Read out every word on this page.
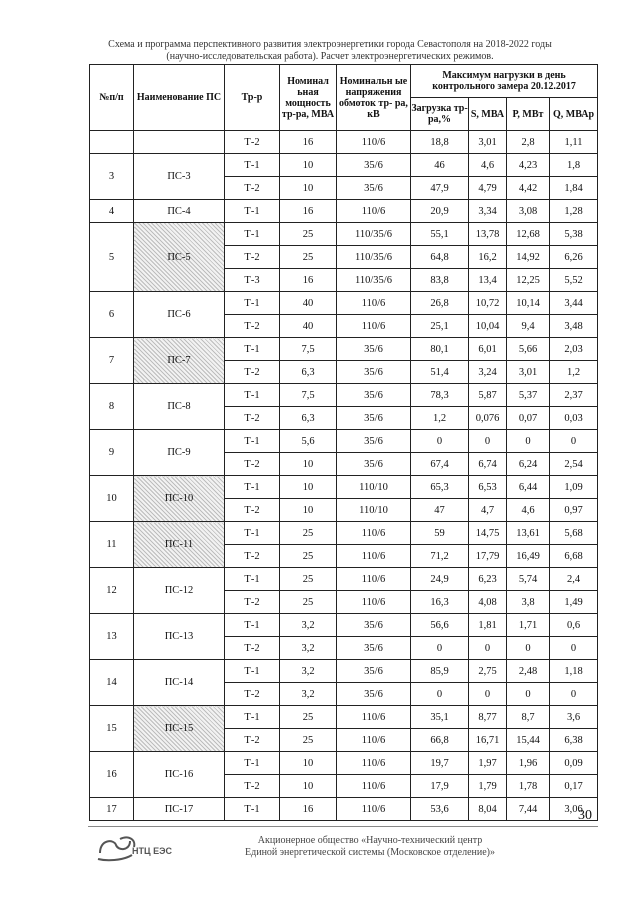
Схема и программа перспективного развития электроэнергетики города Севастополя на 2018-2022 годы
(научно-исследовательская работа). Расчет электроэнергетических режимов.
№п/п	Наименование ПС	Тр-р	Номинал ьная мощность тр-ра, МВА	Номинальн ые напряжения обмоток тр- ра, кВ	Максимум нагрузки в день контрольного замера 20.12.2017			
					Загрузка тр-ра,%	S, МВА	Р, МВт	Q, МВАр
		Т-2	16	110/6	18,8	3,01	2,8	1,11
3	ПС-3	Т-1	10	35/6	46	4,6	4,23	1,8
		Т-2	10	35/6	47,9	4,79	4,42	1,84
4	ПС-4	Т-1	16	110/6	20,9	3,34	3,08	1,28
5	ПС-5	Т-1	25	110/35/6	55,1	13,78	12,68	5,38
		Т-2	25	110/35/6	64,8	16,2	14,92	6,26
		Т-3	16	110/35/6	83,8	13,4	12,25	5,52
6	ПС-6	Т-1	40	110/6	26,8	10,72	10,14	3,44
		Т-2	40	110/6	25,1	10,04	9,4	3,48
7	ПС-7	Т-1	7,5	35/6	80,1	6,01	5,66	2,03
		Т-2	6,3	35/6	51,4	3,24	3,01	1,2
8	ПС-8	Т-1	7,5	35/6	78,3	5,87	5,37	2,37
		Т-2	6,3	35/6	1,2	0,076	0,07	0,03
9	ПС-9	Т-1	5,6	35/6	0	0	0	0
		Т-2	10	35/6	67,4	6,74	6,24	2,54
10	ПС-10	Т-1	10	110/10	65,3	6,53	6,44	1,09
		Т-2	10	110/10	47	4,7	4,6	0,97
11	ПС-11	Т-1	25	110/6	59	14,75	13,61	5,68
		Т-2	25	110/6	71,2	17,79	16,49	6,68
12	ПС-12	Т-1	25	110/6	24,9	6,23	5,74	2,4
		Т-2	25	110/6	16,3	4,08	3,8	1,49
13	ПС-13	Т-1	3,2	35/6	56,6	1,81	1,71	0,6
		Т-2	3,2	35/6	0	0	0	0
14	ПС-14	Т-1	3,2	35/6	85,9	2,75	2,48	1,18
		Т-2	3,2	35/6	0	0	0	0
15	ПС-15	Т-1	25	110/6	35,1	8,77	8,7	3,6
		Т-2	25	110/6	66,8	16,71	15,44	6,38
16	ПС-16	Т-1	10	110/6	19,7	1,97	1,96	0,09
		Т-2	10	110/6	17,9	1,79	1,78	0,17
17	ПС-17	Т-1	16	110/6	53,6	8,04	7,44	3,06
30
НТЦ ЕЭС
Акционерное общество «Научно-технический центр
Единой энергетической системы (Московское отделение)»
